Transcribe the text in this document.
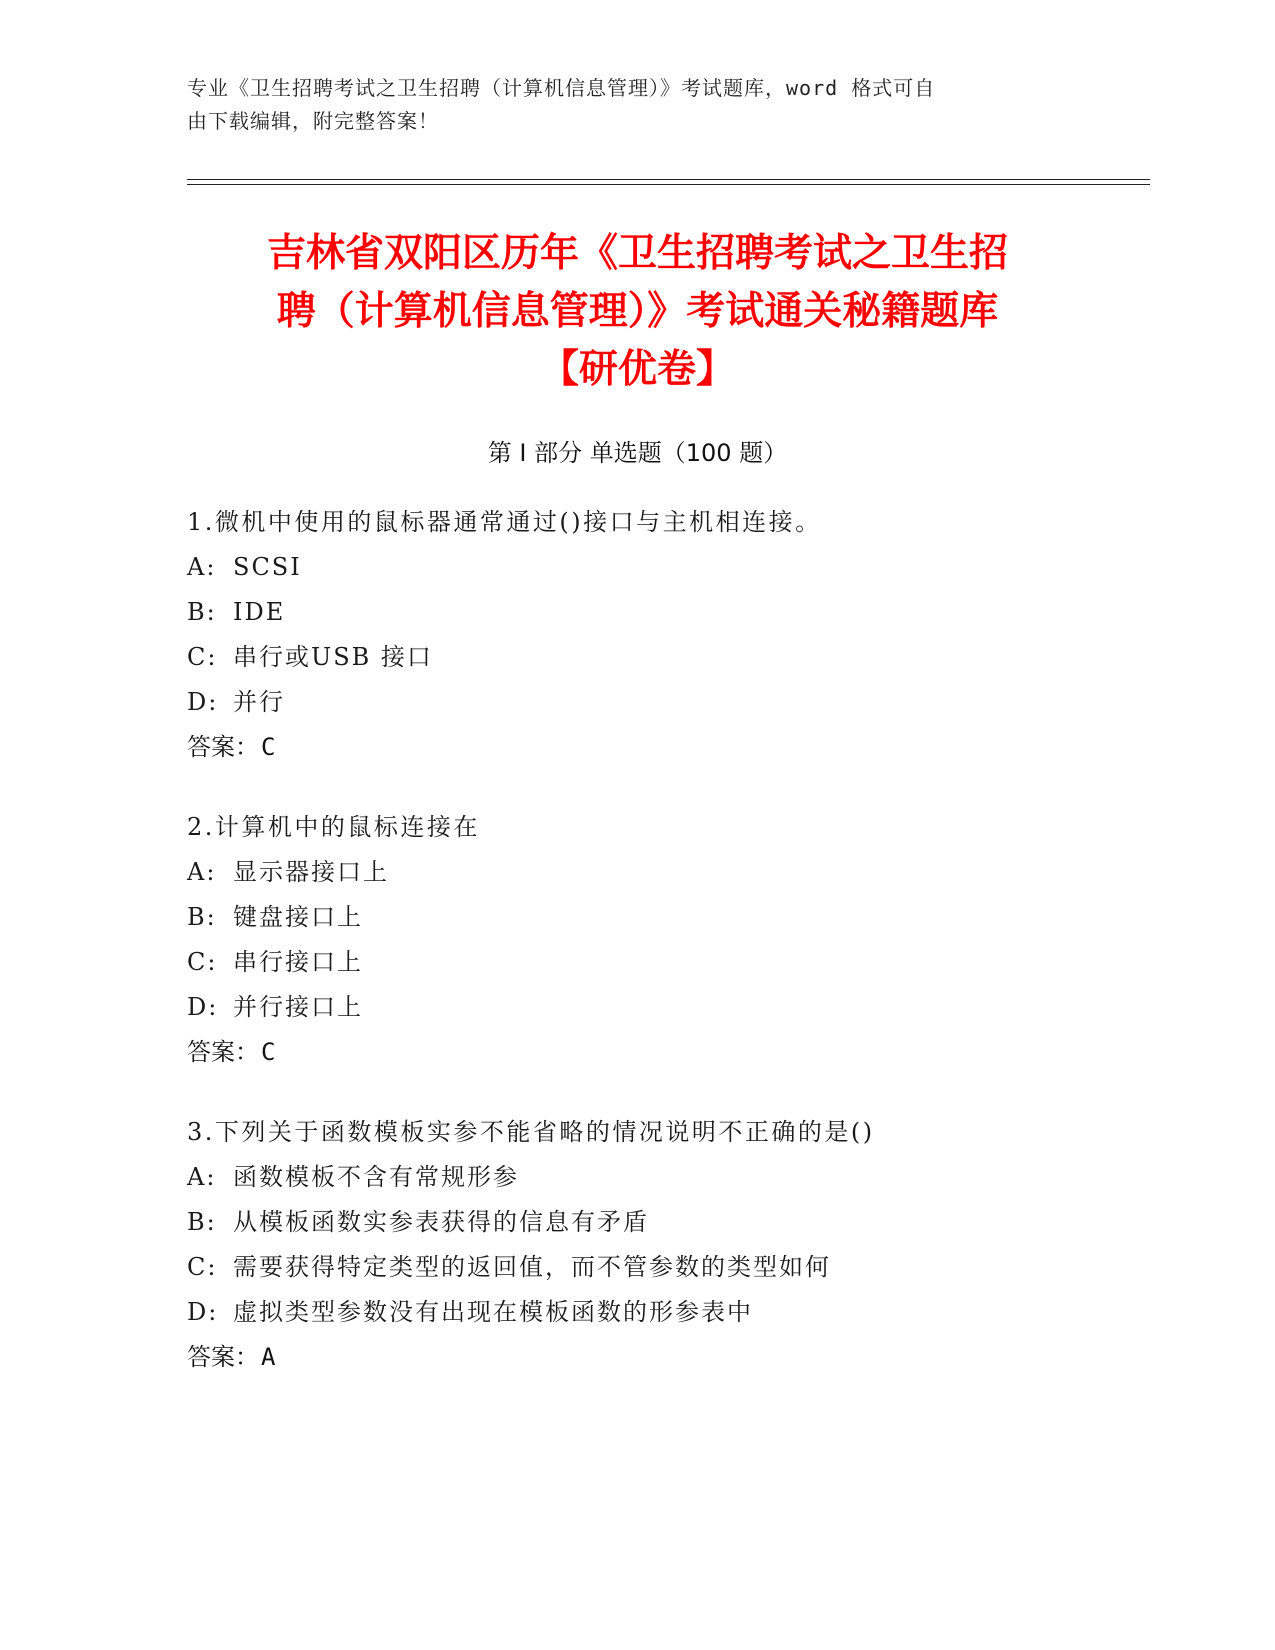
专业《卫生招聘考试之卫生招聘（计算机信息管理）》考试题库，word 格式可自
由下载编辑，附完整答案！
吉林省双阳区历年《卫生招聘考试之卫生招
聘（计算机信息管理）》考试通关秘籍题库
【研优卷】
第 I 部分 单选题（100 题）
1.微机中使用的鼠标器通常通过()接口与主机相连接。
A: SCSI
B: IDE
C: 串行或USB 接口
D: 并行
答案：C
2.计算机中的鼠标连接在
A: 显示器接口上
B: 键盘接口上
C: 串行接口上
D: 并行接口上
答案：C
3.下列关于函数模板实参不能省略的情况说明不正确的是()
A: 函数模板不含有常规形参
B: 从模板函数实参表获得的信息有矛盾
C: 需要获得特定类型的返回值，而不管参数的类型如何
D: 虚拟类型参数没有出现在模板函数的形参表中
答案：A
